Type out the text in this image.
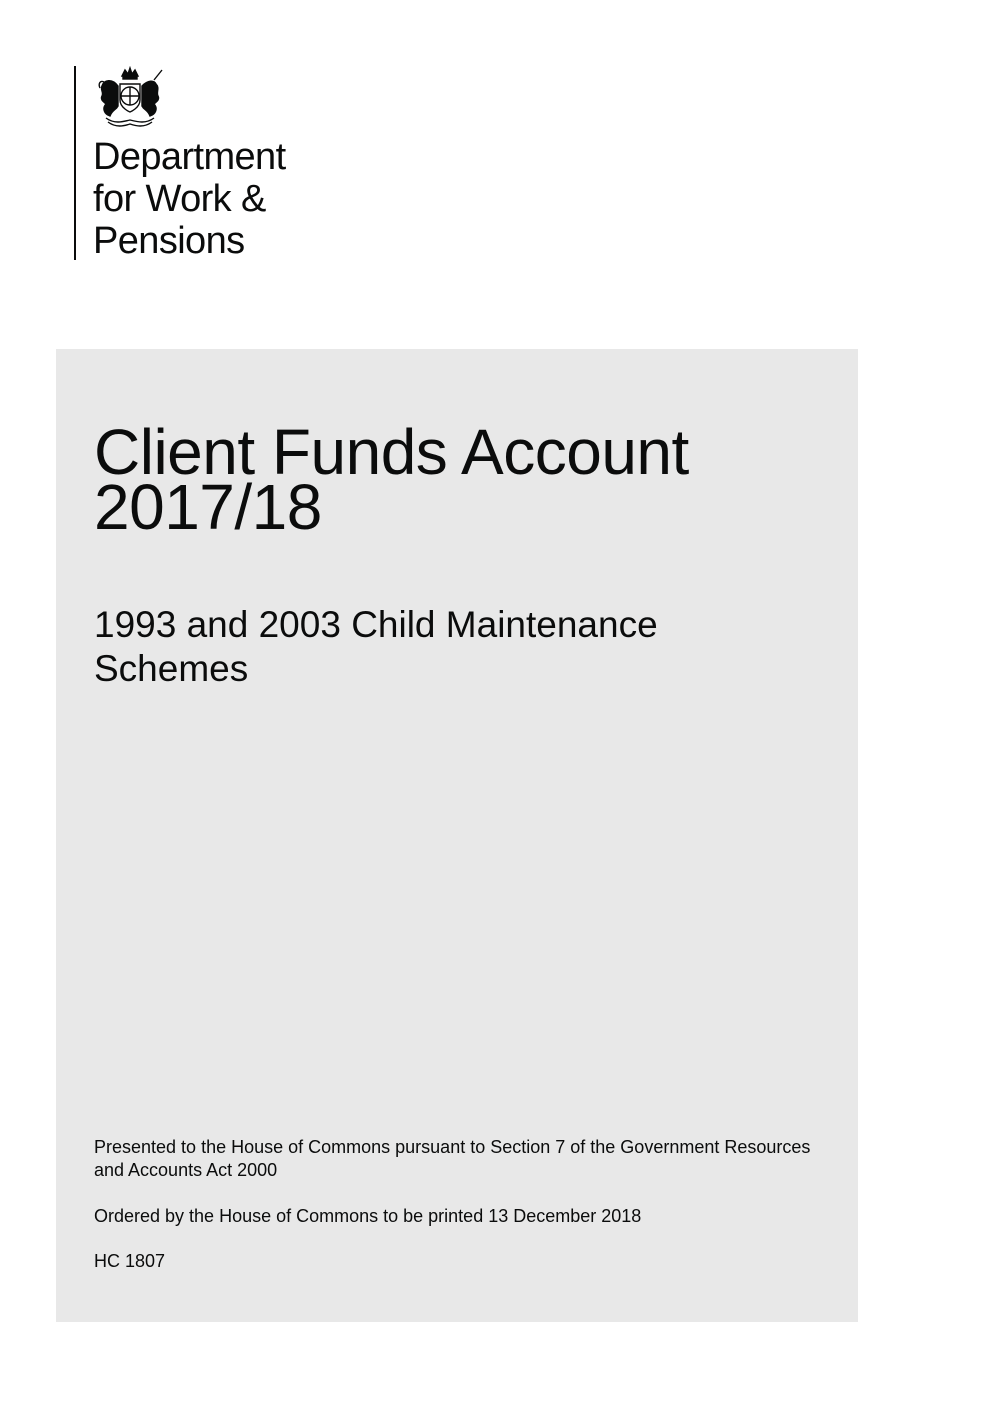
Department
for Work &
Pensions
Client Funds Account
2017/18
1993 and 2003 Child Maintenance Schemes

Presented to the House of Commons pursuant to Section 7 of the Government Resources and Accounts Act 2000

Ordered by the House of Commons to be printed 13 December 2018

HC 1807
